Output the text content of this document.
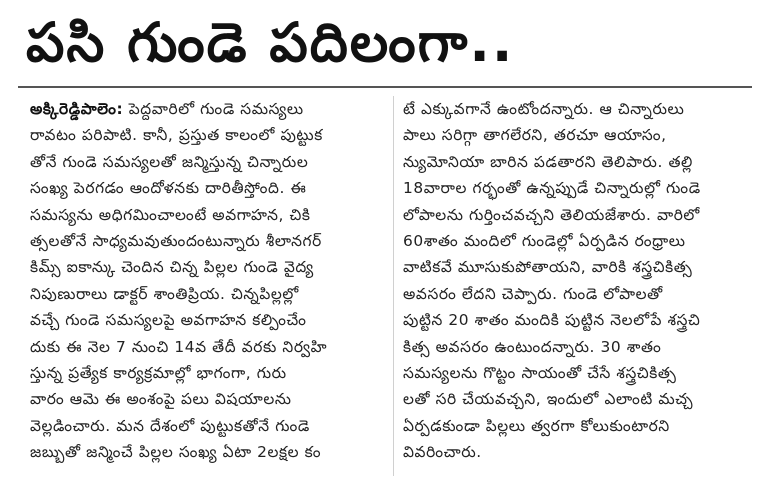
పసి గుండె పదిలంగా..
అక్కిరెడ్డిపాలెం: పెద్దవారిలో గుండె సమస్యలు
రావటం పరిపాటి. కానీ, ప్రస్తుత కాలంలో పుట్టుక
తోనే గుండె సమస్యలతో జన్మిస్తున్న చిన్నారుల
సంఖ్య పెరగడం ఆందోళనకు దారితీస్తోంది. ఈ
సమస్యను అధిగమించాలంటే అవగాహన, చికి
త్సలతోనే సాధ్యమవుతుందంటున్నారు శీలానగర్
కిమ్స్ ఐకాన్కు చెందిన చిన్న పిల్లల గుండె వైద్య
నిపుణురాలు డాక్టర్ శాంతిప్రియ. చిన్నపిల్లల్లో
వచ్చే గుండె సమస్యలపై అవగాహన కల్పించేం
దుకు ఈ నెల 7 నుంచి 14వ తేదీ వరకు నిర్వహి
స్తున్న ప్రత్యేక కార్యక్రమాల్లో భాగంగా, గురు
వారం ఆమె ఈ అంశంపై పలు విషయాలను
వెల్లడించారు. మన దేశంలో పుట్టుకతోనే గుండె
జబ్బుతో జన్మించే పిల్లల సంఖ్య ఏటా 2లక్షల కం
టే ఎక్కువగానే ఉంటోందన్నారు. ఆ చిన్నారులు
పాలు సరిగ్గా తాగలేరని, తరచూ ఆయాసం,
న్యుమోనియా బారిన పడతారని తెలిపారు. తల్లి
18వారాల గర్భంతో ఉన్నప్పుడే చిన్నారుల్లో గుండె
లోపాలను గుర్తించవచ్చని తెలియజేశారు. వారిలో
60శాతం మందిలో గుండెల్లో ఏర్పడిన రంధ్రాలు
వాటికవే మూసుకుపోతాయని, వారికి శస్త్రచికిత్స
అవసరం లేదని చెప్పారు. గుండె లోపాలతో
పుట్టిన 20 శాతం మందికి పుట్టిన నెలలోపే శస్త్రచి
కిత్స అవసరం ఉంటుందన్నారు. 30 శాతం
సమస్యలను గొట్టం సాయంతో చేసే శస్త్రచికిత్స
లతో సరి చేయవచ్చని, ఇందులో ఎలాంటి మచ్చ
ఏర్పడకుండా పిల్లలు త్వరగా కోలుకుంటారని
వివరించారు.
